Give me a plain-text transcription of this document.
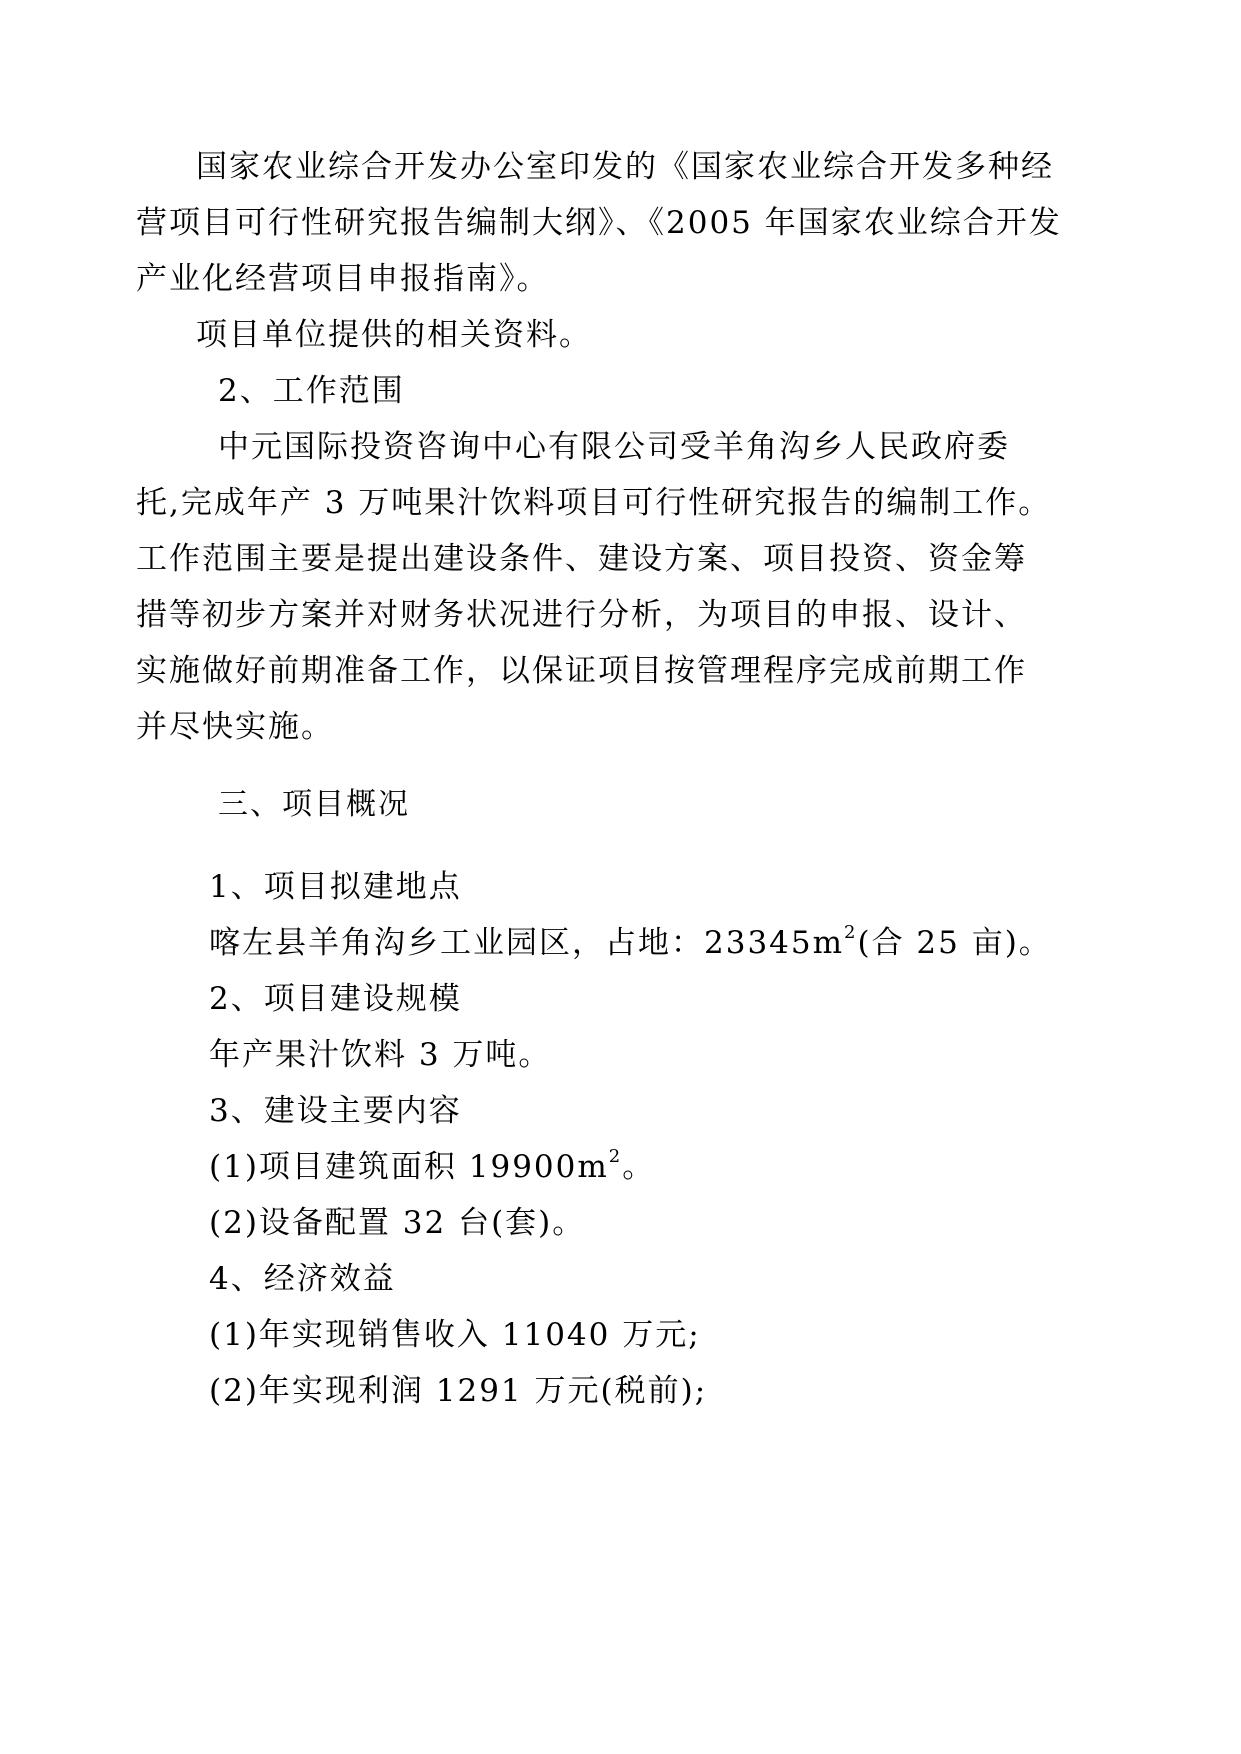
国家农业综合开发办公室印发的《国家农业综合开发多种经
营项目可行性研究报告编制大纲》、《2005 年国家农业综合开发
产业化经营项目申报指南》。
项目单位提供的相关资料。
2、工作范围
中元国际投资咨询中心有限公司受羊角沟乡人民政府委
托,完成年产 3 万吨果汁饮料项目可行性研究报告的编制工作。
工作范围主要是提出建设条件、建设方案、项目投资、资金筹
措等初步方案并对财务状况进行分析，为项目的申报、设计、
实施做好前期准备工作，以保证项目按管理程序完成前期工作
并尽快实施。
三、项目概况
1、项目拟建地点
喀左县羊角沟乡工业园区，占地：$23345m^2$(合 25 亩)。
2、项目建设规模
年产果汁饮料 3 万吨。
3、建设主要内容
(1)项目建筑面积 $19900m^2$。
(2)设备配置 32 台(套)。
4、经济效益
(1)年实现销售收入 11040 万元;
(2)年实现利润 1291 万元(税前);
